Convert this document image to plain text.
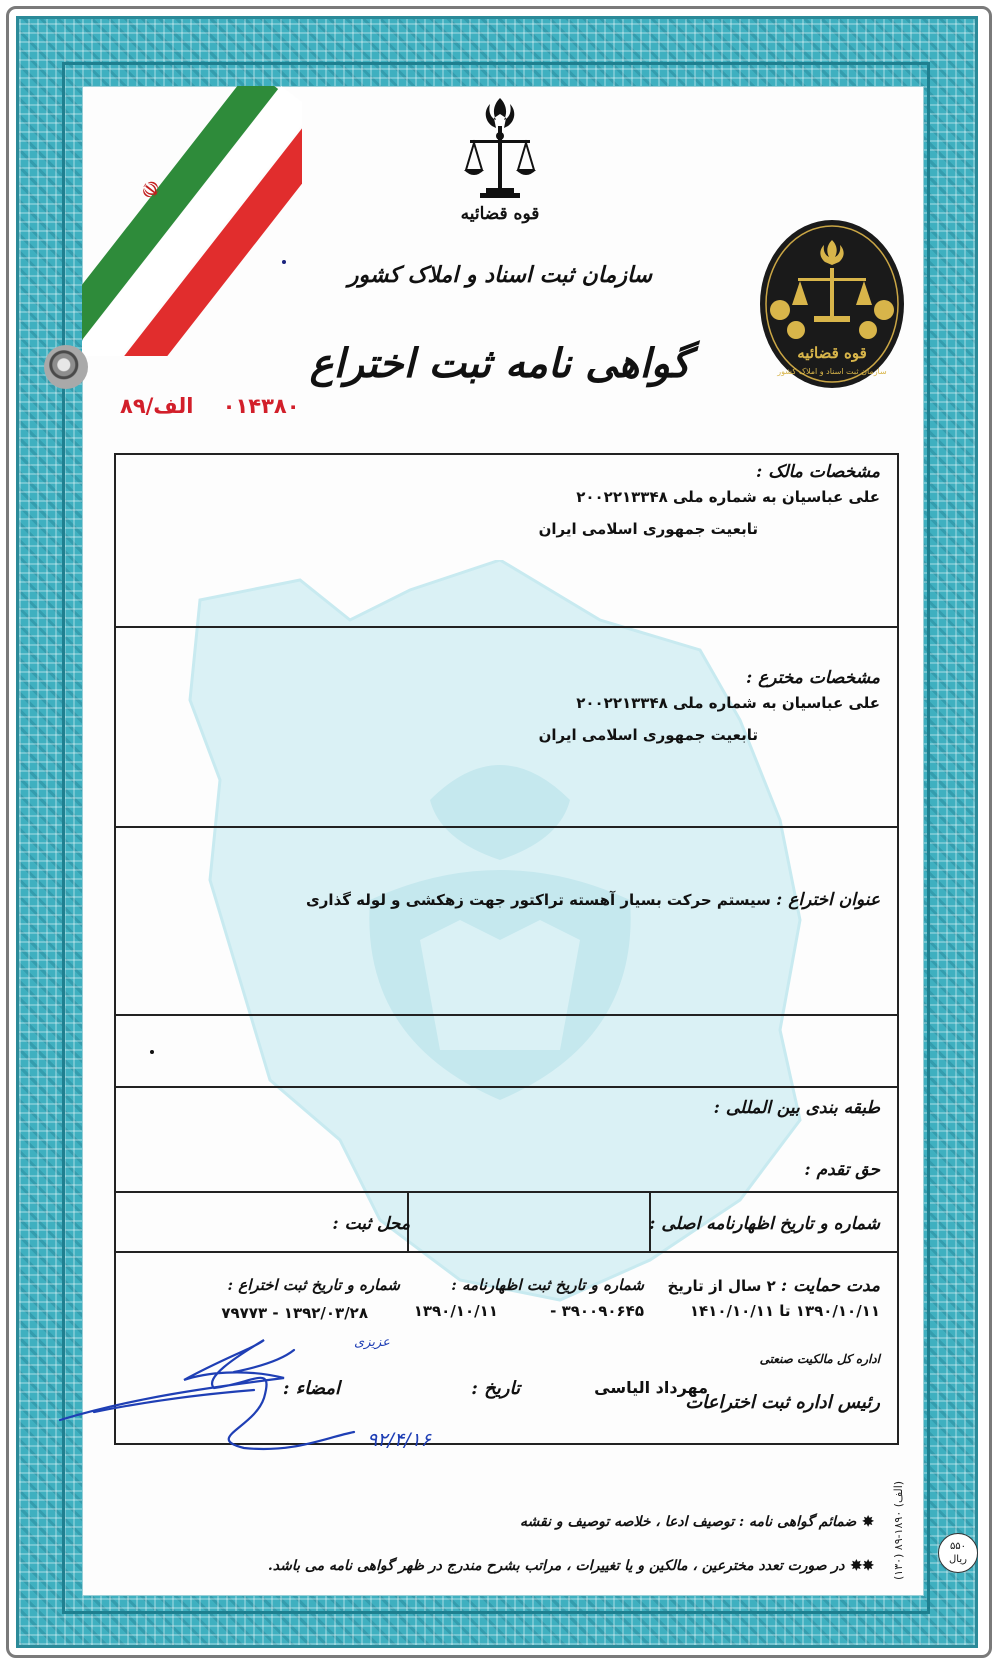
☫
قوه قضائیه
سازمان ثبت اسناد و املاک کشور
گواهی نامه ثبت اختراع
۰۱۴۳۸۰    الف/۸۹
قوه قضائیه
سازمان ثبت اسناد و املاک کشور
مشخصات مالک :
علی عباسیان به شماره ملی ۲۰۰۲۲۱۳۳۴۸
تابعیت جمهوری اسلامی ایران
مشخصات مخترع :
علی عباسیان به شماره ملی ۲۰۰۲۲۱۳۳۴۸
تابعیت جمهوری اسلامی ایران
عنوان اختراع : سیستم حرکت بسیار آهسته تراکتور جهت زهکشی و لوله گذاری
طبقه بندی بین المللی :
حق تقدم :
شماره و تاریخ اظهارنامه اصلی :
محل ثبت :
مدت حمایت : ۲ سال از تاریخ
۱۳۹۰/۱۰/۱۱ تا ۱۴۱۰/۱۰/۱۱
شماره و تاریخ ثبت اظهارنامه :
۳۹۰۰۹۰۶۴۵ -          ۱۳۹۰/۱۰/۱۱
شماره و تاریخ ثبت اختراع :
۱۳۹۲/۰۳/۲۸ - ۷۹۷۷۳
اداره کل مالکیت صنعتی
رئیس اداره ثبت اختراعات
مهرداد الیاسی
تاریخ :
امضاء :
۹۲/۴/۱۶
عزیزی
✸ضمائم گواهی نامه : توصیف ادعا ، خلاصه توصیف و نقشه
✸✸در صورت تعدد مخترعین ، مالکین و یا تغییرات ، مراتب بشرح مندرج در ظهر گواهی نامه می باشد.	(۱۳۰) ۸۹-۱۸۹۰ (الف)
۵۵۰
ریال
